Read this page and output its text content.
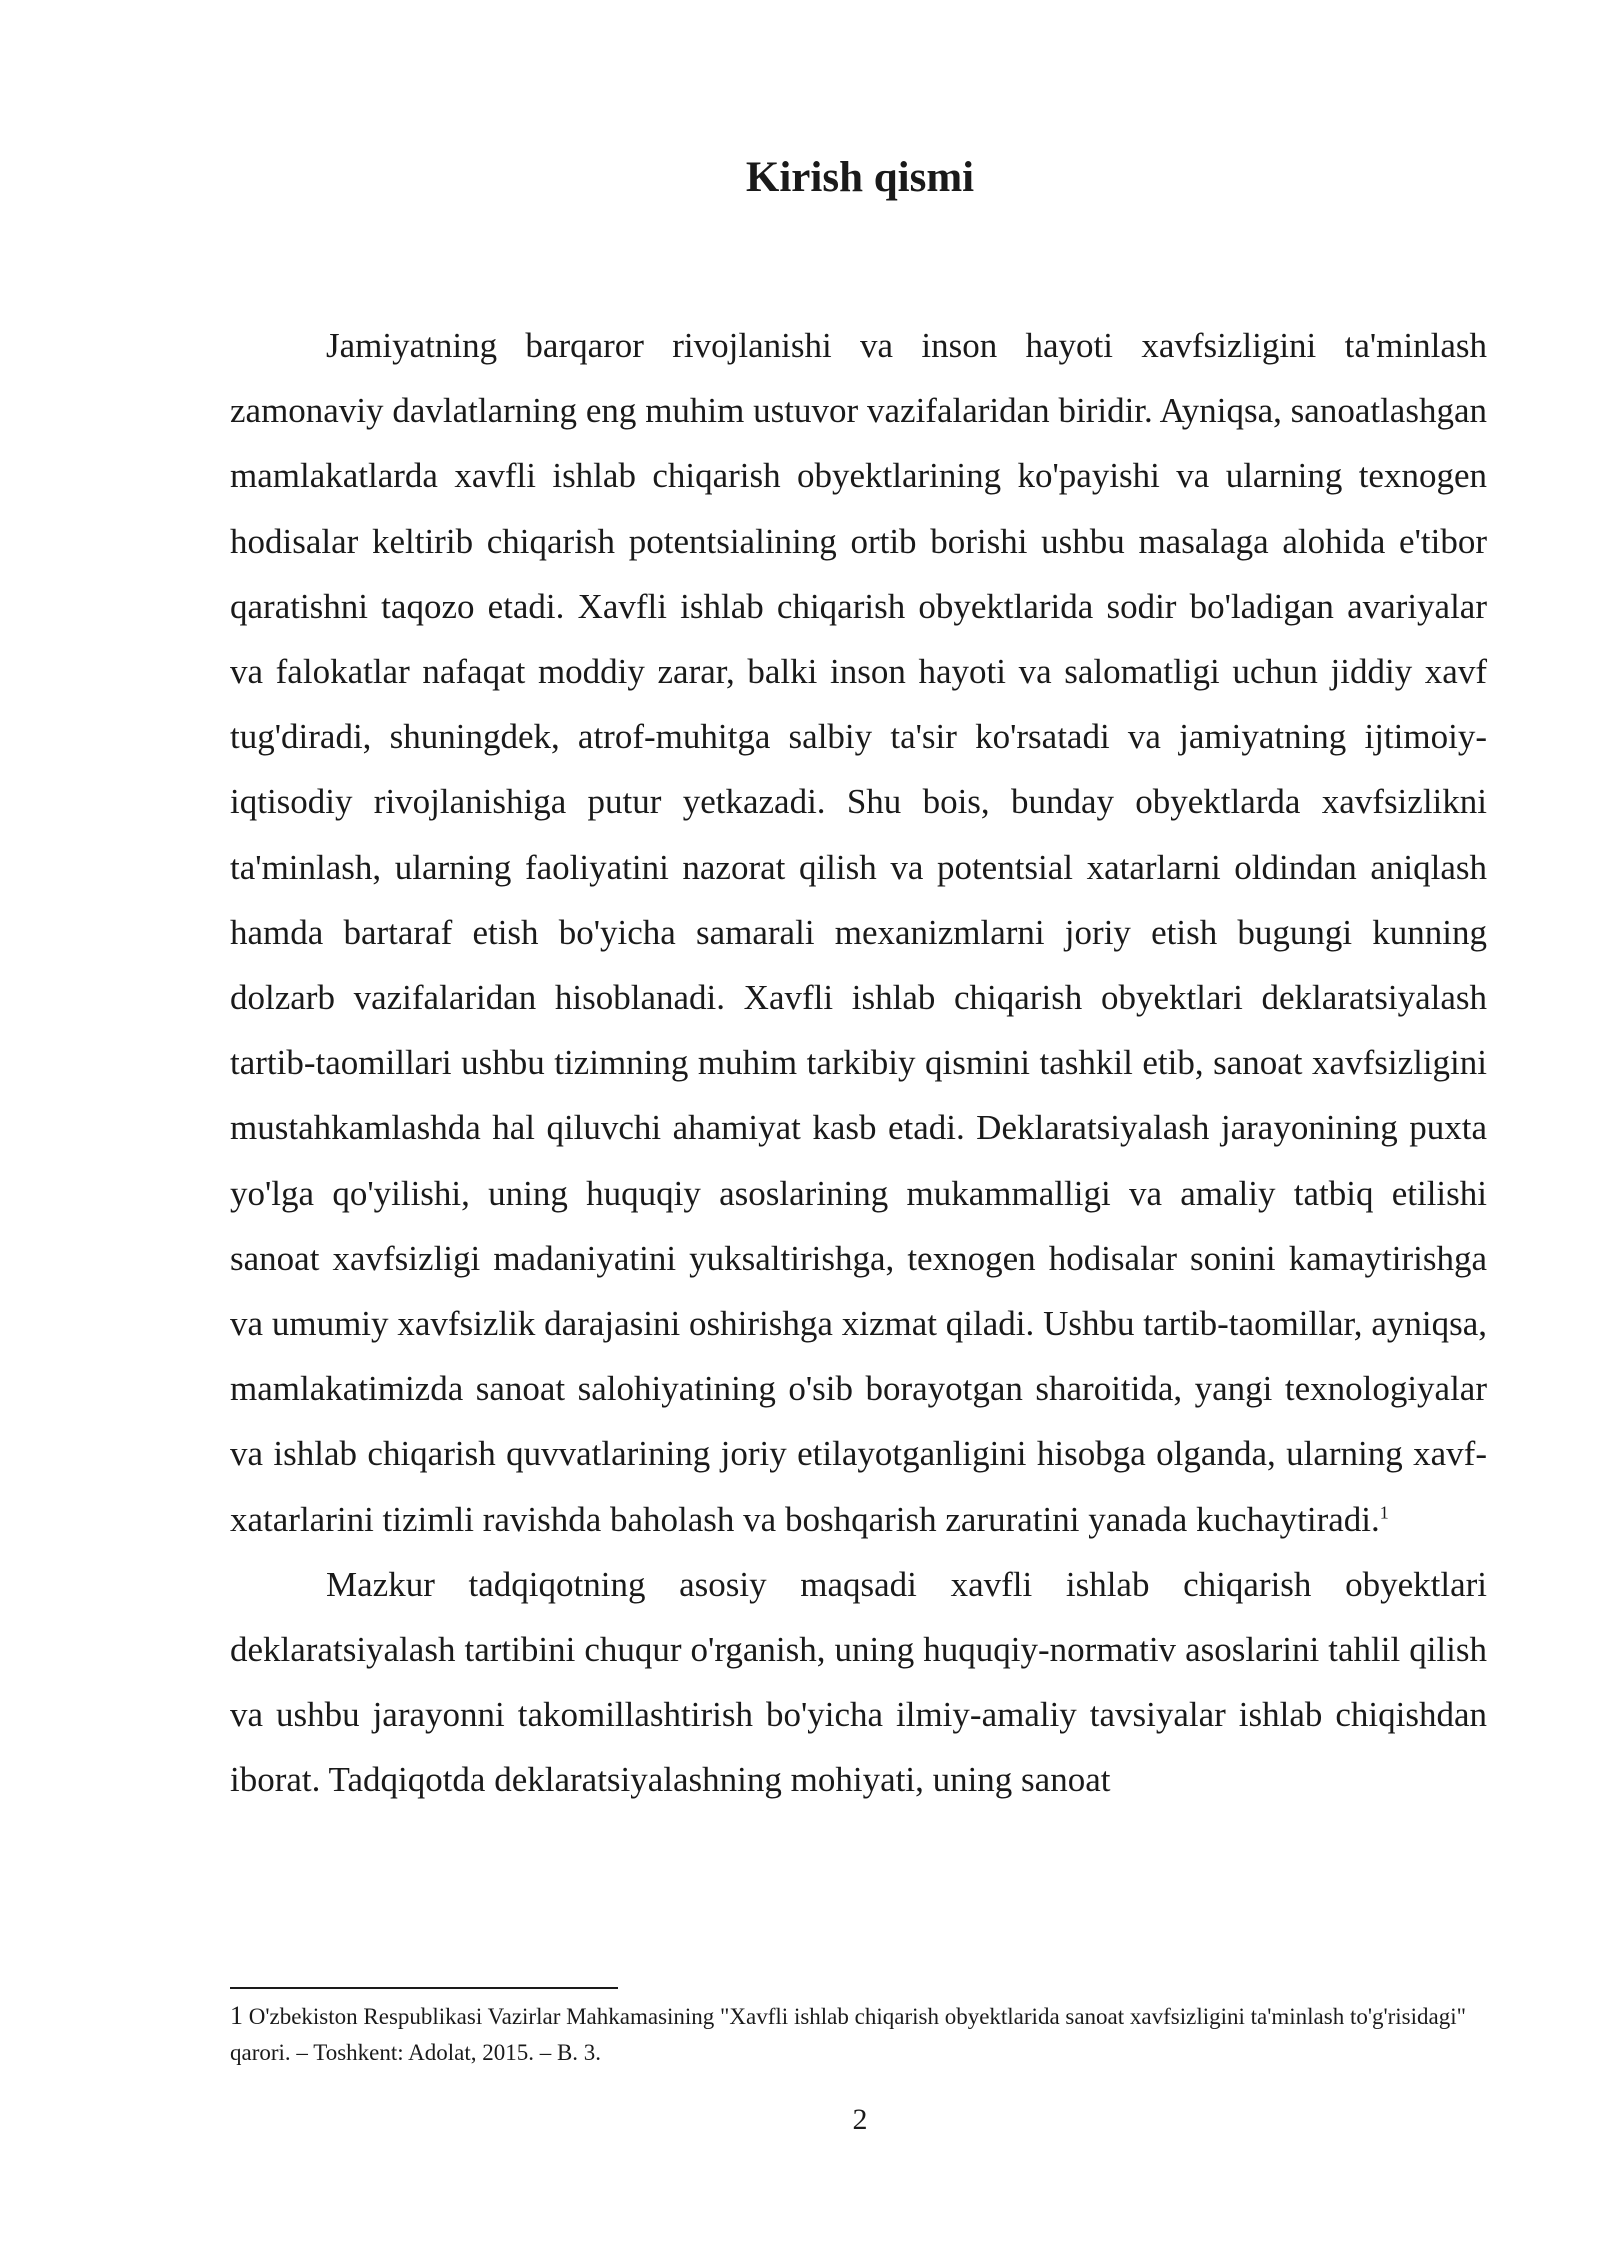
Kirish qismi

Jamiyatning barqaror rivojlanishi va inson hayoti xavfsizligini ta'minlash zamonaviy davlatlarning eng muhim ustuvor vazifalaridan biridir. Ayniqsa, sanoatlashgan mamlakatlarda xavfli ishlab chiqarish obyektlarining ko'payishi va ularning texnogen hodisalar keltirib chiqarish potentsialining ortib borishi ushbu masalaga alohida e'tibor qaratishni taqozo etadi. Xavfli ishlab chiqarish obyektlarida sodir bo'ladigan avariyalar va falokatlar nafaqat moddiy zarar, balki inson hayoti va salomatligi uchun jiddiy xavf tug'diradi, shuningdek, atrof-muhitga salbiy ta'sir ko'rsatadi va jamiyatning ijtimoiy-iqtisodiy rivojlanishiga putur yetkazadi. Shu bois, bunday obyektlarda xavfsizlikni ta'minlash, ularning faoliyatini nazorat qilish va potentsial xatarlarni oldindan aniqlash hamda bartaraf etish bo'yicha samarali mexanizmlarni joriy etish bugungi kunning dolzarb vazifalaridan hisoblanadi. Xavfli ishlab chiqarish obyektlari deklaratsiyalash tartib-taomillari ushbu tizimning muhim tarkibiy qismini tashkil etib, sanoat xavfsizligini mustahkamlashda hal qiluvchi ahamiyat kasb etadi. Deklaratsiyalash jarayonining puxta yo'lga qo'yilishi, uning huquqiy asoslarining mukammalligi va amaliy tatbiq etilishi sanoat xavfsizligi madaniyatini yuksaltirishga, texnogen hodisalar sonini kamaytirishga va umumiy xavfsizlik darajasini oshirishga xizmat qiladi. Ushbu tartib-taomillar, ayniqsa, mamlakatimizda sanoat salohiyatining o'sib borayotgan sharoitida, yangi texnologiyalar va ishlab chiqarish quvvatlarining joriy etilayotganligini hisobga olganda, ularning xavf-xatarlarini tizimli ravishda baholash va boshqarish zaruratini yanada kuchaytiradi.$^1$

Mazkur tadqiqotning asosiy maqsadi xavfli ishlab chiqarish obyektlari deklaratsiyalash tartibini chuqur o'rganish, uning huquqiy-normativ asoslarini tahlil qilish va ushbu jarayonni takomillashtirish bo'yicha ilmiy-amaliy tavsiyalar ishlab chiqishdan iborat. Tadqiqotda deklaratsiyalashning mohiyati, uning sanoat

1 O'zbekiston Respublikasi Vazirlar Mahkamasining "Xavfli ishlab chiqarish obyektlarida sanoat xavfsizligini ta'minlash to'g'risidagi" qarori. – Toshkent: Adolat, 2015. – B. 3.

2
